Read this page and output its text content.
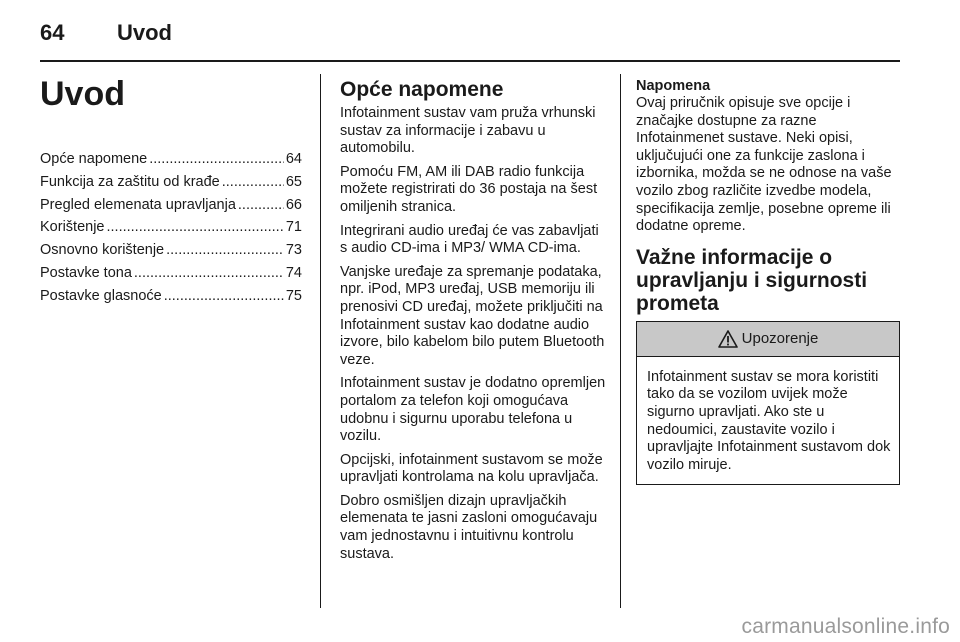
64 Uvod
Uvod
Opće napomene .....	64
Funkcija za zaštitu od krađe .....	65
Pregled elemenata upravljanja .....	66
Korištenje .....	71
Osnovno korištenje .....	73
Postavke tona .....	74
Postavke glasnoće .....	75
Opće napomene

Infotainment sustav vam pruža vrhunski sustav za informacije i zabavu u automobilu.

Pomoću FM, AM ili DAB radio funkcija možete registrirati do 36 postaja na šest omiljenih stranica.

Integrirani audio uređaj će vas zabavljati s audio CD-ima i MP3/ WMA CD-ima.

Vanjske uređaje za spremanje podataka, npr. iPod, MP3 uređaj, USB memoriju ili prenosivi CD uređaj, možete priključiti na Infotainment sustav kao dodatne audio izvore, bilo kabelom bilo putem Bluetooth veze.

Infotainment sustav je dodatno opremljen portalom za telefon koji omogućava udobnu i sigurnu uporabu telefona u vozilu.

Opcijski, infotainment sustavom se može upravljati kontrolama na kolu upravljača.

Dobro osmišljen dizajn upravljačkih elemenata te jasni zasloni omogućavaju vam jednostavnu i intuitivnu kontrolu sustava.

Napomena

Ovaj priručnik opisuje sve opcije i značajke dostupne za razne Infotainmenet sustave. Neki opisi, uključujući one za funkcije zaslona i izbornika, možda se ne odnose na vaše vozilo zbog različite izvedbe modela, specifikacija zemlje, posebne opreme ili dodatne opreme.

Važne informacije o upravljanju i sigurnosti prometa
Upozorenje

Infotainment sustav se mora koristiti tako da se vozilom uvijek može sigurno upravljati. Ako ste u nedoumici, zaustavite vozilo i upravljajte Infotainment sustavom dok vozilo miruje.

carmanualsonline.info
